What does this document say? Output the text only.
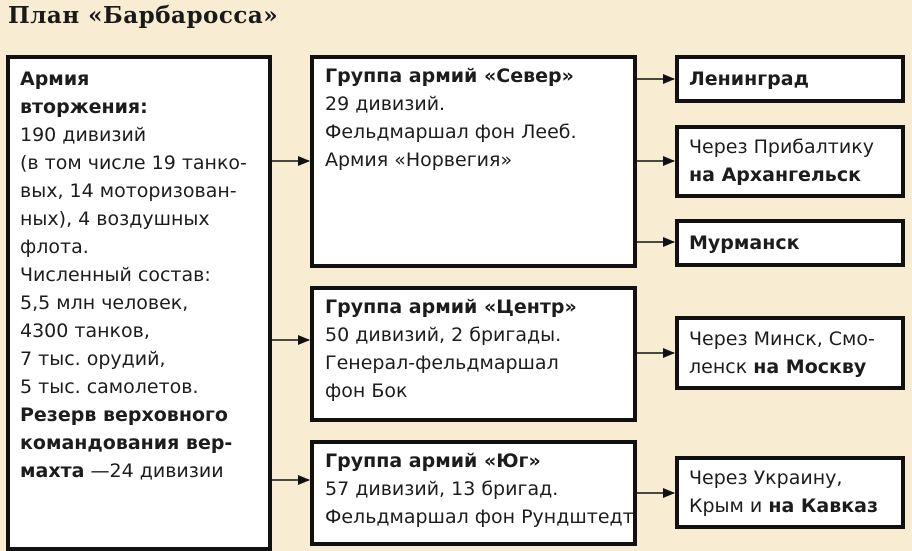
План «Барбаросса»
Армия
вторжения:
190 дивизий
(в том числе 19 танко-
вых, 14 моторизован-
ных), 4 воздушных
флота.
Численный состав:
5,5 млн человек,
4300 танков,
7 тыс. орудий,
5 тыс. самолетов.
Резерв верховного
командования вер-
махта —24 дивизии
Группа армий «Север»
29 дивизий.
Фельдмаршал фон Лееб.
Армия «Норвегия»
Группа армий «Центр»
50 дивизий, 2 бригады.
Генерал-фельдмаршал
фон Бок
Группа армий «Юг»
57 дивизий, 13 бригад.
Фельдмаршал фон Рундштедт
Ленинград
Через Прибалтику
на Архангельск
Мурманск
Через Минск, Смо-
ленск на Москву
Через Украину,
Крым и на Кавказ
